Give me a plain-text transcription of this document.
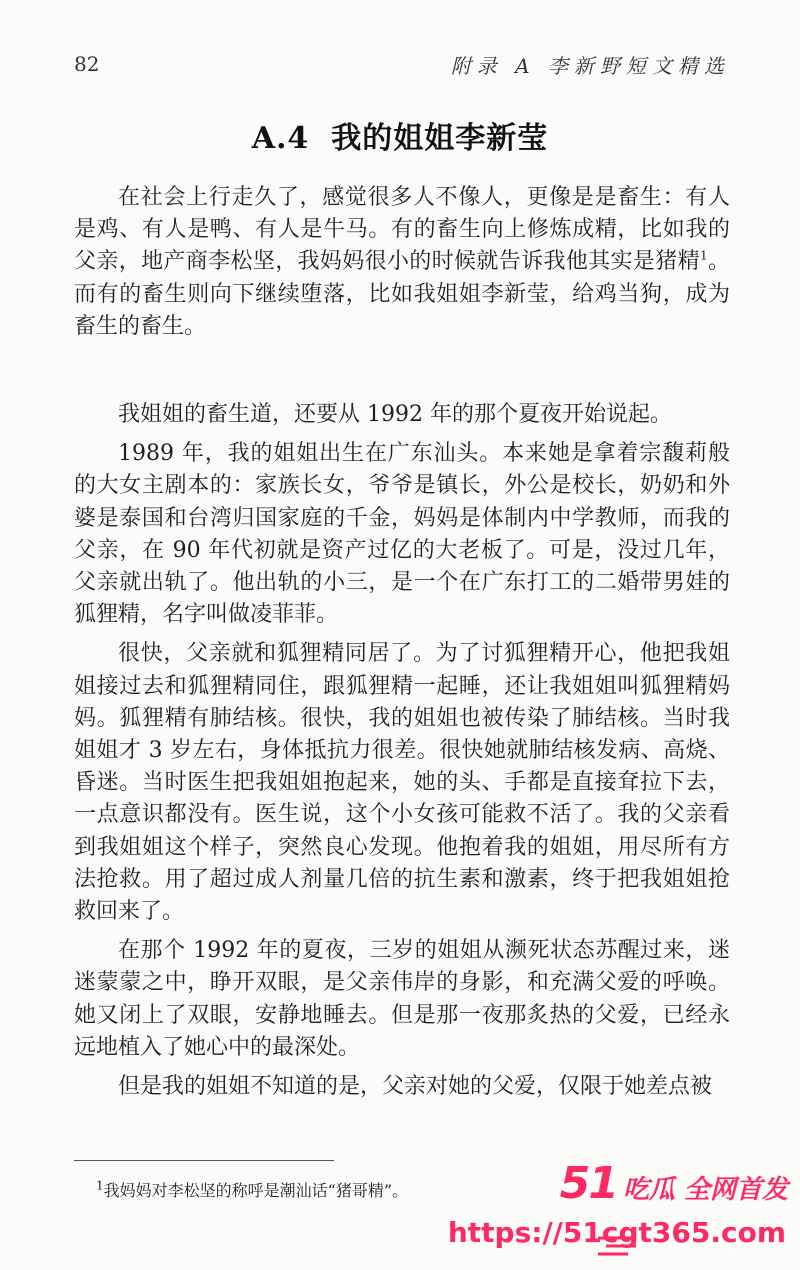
82	附录 A 李新野短文精选
A.4 我的姐姐李新莹

在社会上行走久了，感觉很多人不像人，更像是是畜生：有人是鸡、有人是鸭、有人是牛马。有的畜生向上修炼成精，比如我的父亲，地产商李松坚，我妈妈很小的时候就告诉我他其实是猪精$^1$。而有的畜生则向下继续堕落，比如我姐姐李新莹，给鸡当狗，成为畜生的畜生。

我姐姐的畜生道，还要从 1992 年的那个夏夜开始说起。

1989 年，我的姐姐出生在广东汕头。本来她是拿着宗馥莉般的大女主剧本的：家族长女，爷爷是镇长，外公是校长，奶奶和外婆是泰国和台湾归国家庭的千金，妈妈是体制内中学教师，而我的父亲，在 90 年代初就是资产过亿的大老板了。可是，没过几年，父亲就出轨了。他出轨的小三，是一个在广东打工的二婚带男娃的狐狸精，名字叫做凌菲菲。

很快，父亲就和狐狸精同居了。为了讨狐狸精开心，他把我姐姐接过去和狐狸精同住，跟狐狸精一起睡，还让我姐姐叫狐狸精妈妈。狐狸精有肺结核。很快，我的姐姐也被传染了肺结核。当时我姐姐才 3 岁左右，身体抵抗力很差。很快她就肺结核发病、高烧、昏迷。当时医生把我姐姐抱起来，她的头、手都是直接耷拉下去，一点意识都没有。医生说，这个小女孩可能救不活了。我的父亲看到我姐姐这个样子，突然良心发现。他抱着我的姐姐，用尽所有方法抢救。用了超过成人剂量几倍的抗生素和激素，终于把我姐姐抢救回来了。

在那个 1992 年的夏夜，三岁的姐姐从濒死状态苏醒过来，迷迷蒙蒙之中，睁开双眼，是父亲伟岸的身影，和充满父爱的呼唤。她又闭上了双眼，安静地睡去。但是那一夜那炙热的父爱，已经永远地植入了她心中的最深处。

但是我的姐姐不知道的是，父亲对她的父爱，仅限于她差点被

$^1$我妈妈对李松坚的称呼是潮汕话“猪哥精”。	51 吃瓜 全网首发
https://51cgt365.com
